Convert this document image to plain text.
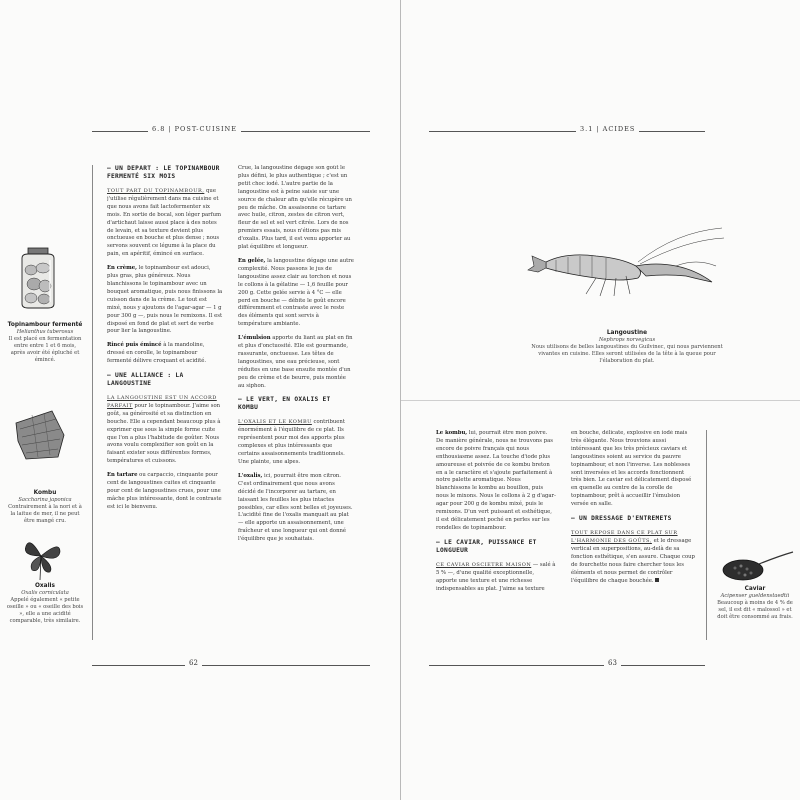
6.8 | POST-CUISINE
Topinambour fermenté
Helianthus tuberosus
Il est placé en fermentation entre entre 1 et 6 mois, après avoir été épluché et émincé.
Kombu
Saccharina japonica
Contrairement à la nori et à la laitue de mer, il ne peut être mangé cru.
Oxalis
Oxalis corniculata
Appelé également « petite oseille » ou « oseille des bois », elle a une acidité comparable, très similaire.
— UN DÉPART : LE TOPINAMBOUR FERMENTÉ SIX MOIS

TOUT PART DU TOPINAMBOUR, que j'utilise régulièrement dans ma cuisine et que nous avons fait lactofermenter six mois. En sortie de bocal, son léger parfum d'artichaut laisse aussi place à des notes de levain, et sa texture devient plus onctueuse en bouche et plus dense ; nous servons souvent ce légume à la place du pain, en apéritif, émincé en surface.

En crème, le topinambour est adouci, plus gras, plus généreux. Nous blanchissons le topinambour avec un bouquet aromatique, puis nous finissons la cuisson dans de la crème. Le tout est mixé, nous y ajoutons de l'agar-agar — 1 g pour 300 g —, puis nous le remixons. Il est disposé en fond de plat et sert de verbe pour lier la langoustine.

Rincé puis émincé à la mandoline, dressé en corolle, le topinambour fermenté délivre croquant et acidité.

— UNE ALLIANCE : LA LANGOUSTINE

LA LANGOUSTINE EST UN ACCORD PARFAIT pour le topinambour. J'aime son goût, sa générosité et sa distinction en bouche. Elle a cependant beaucoup plus à exprimer que sous la simple forme cuite que l'on a plus l'habitude de goûter. Nous avons voulu complexifier son goût en la faisant exister sous différentes formes, températures et cuissons.

En tartare ou carpaccio, cinquante pour cent de langoustines cuites et cinquante pour cent de langoustines crues, pour une mâche plus intéressante, dont le contraste est ici le bienvenu.

Crue, la langoustine dégage son goût le plus défini, le plus authentique ; c'est un petit choc iodé. L'autre partie de la langoustine est à peine saisie sur une source de chaleur afin qu'elle récupère un peu de mâche. On assaisonne ce tartare avec huile, citron, zestes de citron vert, fleur de sel et sel vert citrée. Lors de nos premiers essais, nous n'étions pas mis d'oxalis. Plus tard, il est venu apporter au plat équilibre et longueur.

En gelée, la langoustine dégage une autre complexité. Nous passons le jus de langoustine assez clair au torchon et nous le collons à la gélatine — 1,6 feuille pour 200 g. Cette gelée servie à 4 °C — elle perd en bouche — débite le goût encore différemment et contraste avec le reste des éléments qui sont servis à température ambiante.

L'émulsion apporte du liant au plat en fin et plus d'onctuosité. Elle est gourmande, rassurante, onctueuse. Les têtes de langoustines, une eau précieuse, sont réduites en une base ensuite montée d'un peu de crème et de beurre, puis montée au siphon.

— LE VERT, EN OXALIS ET KOMBU

L'OXALIS ET LE KOMBU contribuent énormément à l'équilibre de ce plat. Ils représentent pour moi des apports plus complexes et plus intéressants que certains assaisonnements traditionnels. Une plainte, une alpes.

L'oxalis, ici, pourrait être mon citron. C'est ordinairement que nous avons décidé de l'incorporer au tartare, en laissant les feuilles les plus intactes possibles, car elles sont belles et joyeuses. L'acidité fine de l'oxalis manquait au plat — elle apporte un assaisonnement, une fraîcheur et une longueur qui ont donné l'équilibre que je souhaitais.

62
3.1 | ACIDES
Langoustine
Nephrops norvegicus
Nous utilisons de belles langoustines du Guilvinec, qui nous parviennent vivantes en cuisine. Elles seront utilisées de la tête à la queue pour l'élaboration du plat.

Le kombu, lui, pourrait être mon poivre. De manière générale, nous ne trouvons pas encore de poivre français qui nous enthousiasme assez. La touche d'iode plus amoureuse et poivrée de ce kombu breton en a le caractère et s'ajoute parfaitement à notre palette aromatique. Nous blanchissons le kombu au bouillon, puis nous le mixons. Nous le collons à 2 g d'agar-agar pour 200 g de kombu mixé, puis le remixons. D'un vert puissant et esthétique, il est délicatement poché en perles sur les rondelles de topinambour.

— LE CAVIAR, PUISSANCE ET LONGUEUR

CE CAVIAR OSCIETRE MAISON — salé à 5 % —, d'une qualité exceptionnelle, apporte une texture et une richesse indispensables au plat. J'aime sa texture

en bouche, délicate, explosive en iodé mais très élégante. Nous trouvions aussi intéressant que les très précieux caviars et langoustines soient au service du pauvre topinambour, et non l'inverse. Les noblesses sont inversées et les accords fonctionnent très bien. Le caviar est délicatement disposé en quenelle au centre de la corolle de topinambour, prêt à accueillir l'émulsion versée en salle.

— UN DRESSAGE D'ENTREMETS

TOUT REPOSE DANS CE PLAT SUR L'HARMONIE DES GOÛTS, et le dressage vertical en superpositions, au-delà de sa fonction esthétique, s'en assure. Chaque coup de fourchette nous faire chercher tous les éléments et nous permet de contrôler l'équilibre de chaque bouchée.

Caviar
Acipenser gueldenstaedtii
Beaucoup à moins de 4 % de sel, il est dit « malossol » et doit être consommé au frais.
63
